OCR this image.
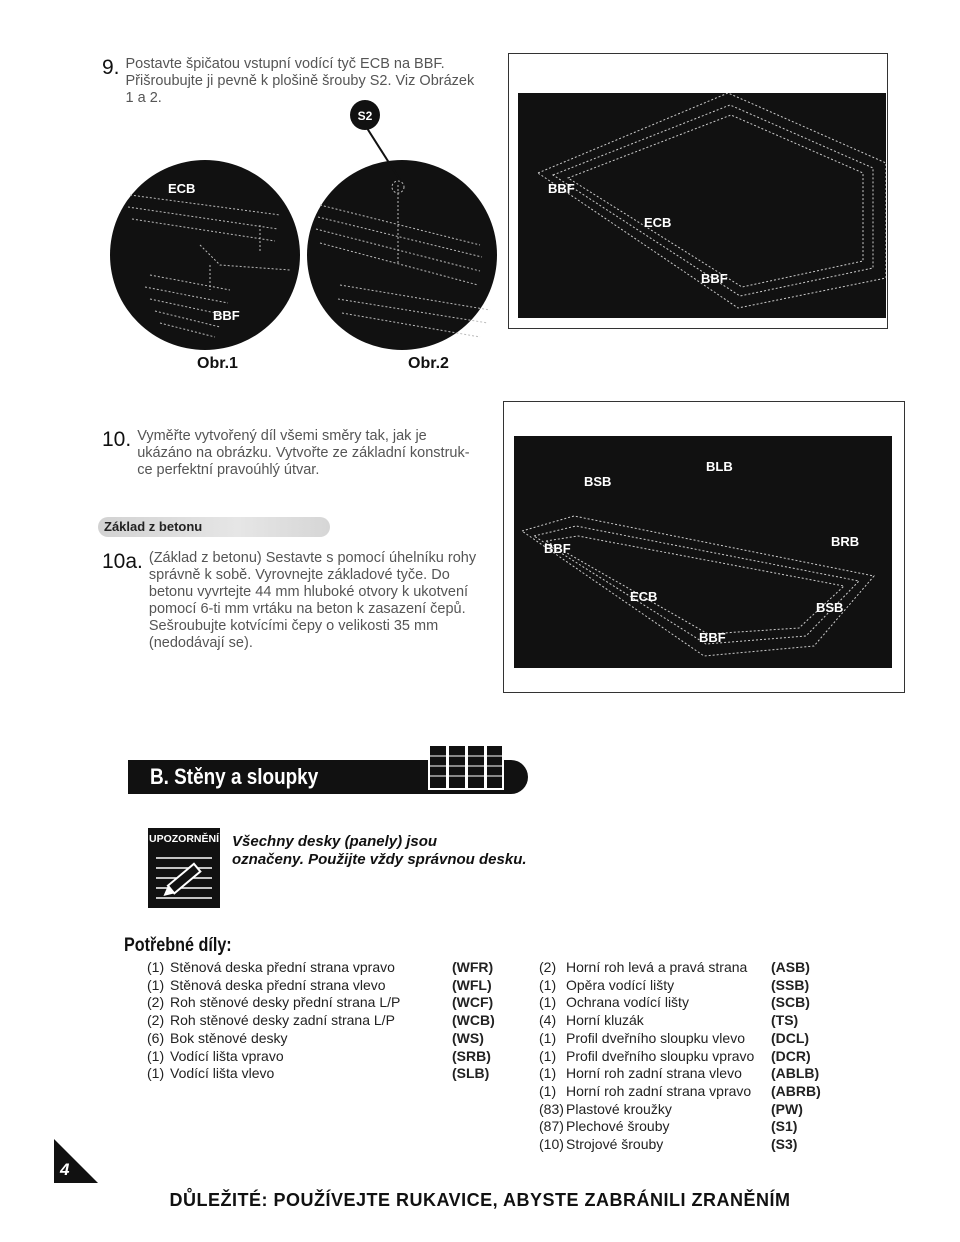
9. Postavte špičatou vstupní vodící tyč ECB na BBF.
Přišroubujte ji pevně k plošině šrouby S2. Viz Obrázek
1 a 2.
S2
ECB
BBF
Obr.1	Obr.2
BBF
ECB
BBF
10. Vyměřte vytvořený díl všemi směry tak, jak je
ukázáno na obrázku. Vytvořte ze základní konstruk-
ce perfektní pravoúhlý útvar.
Základ z betonu
10a. (Základ z betonu) Sestavte s pomocí úhelníku rohy
správně k sobě. Vyrovnejte základové tyče. Do
betonu vyvrtejte 44 mm hluboké otvory k ukotvení
pomocí 6-ti mm vrtáku na beton k zasazení čepů.
Sešroubujte kotvícími čepy o velikosti 35 mm
(nedodávají se).
BSB
BLB
BBF	BRB
ECB
BSB
BBF
B. Stěny a sloupky
UPOZORNĚNÍ Všechny desky (panely) jsou
označeny. Použijte vždy správnou desku.
Potřebné díly:
(1) Stěnová deska přední strana vpravo	(WFR)
(1) Stěnová deska přední strana vlevo	(WFL)
(2) Roh stěnové desky přední strana L/P	(WCF)
(2) Roh stěnové desky zadní strana L/P	(WCB)
(6) Bok stěnové desky	(WS)
(1) Vodící lišta vpravo	(SRB)
(1) Vodící lišta vlevo	(SLB)
(2) Horní roh levá a pravá strana (ASB)
(1) Opěra vodící lišty	(SSB)
(1) Ochrana vodící lišty	(SCB)
(4) Horní kluzák	(TS)
(1) Profil dveřního sloupku vlevo (DCL)
(1) Profil dveřního sloupku vpravo (DCR)
(1) Horní roh zadní strana vlevo (ABLB)
(1) Horní roh zadní strana vpravo (ABRB)
(83) Plastové kroužky	(PW)
(87) Plechové šrouby	(S1)
(10) Strojové šrouby	(S3)
4
DŮLEŽITÉ: POUŽÍVEJTE RUKAVICE, ABYSTE ZABRÁNILI ZRANĚNÍM
